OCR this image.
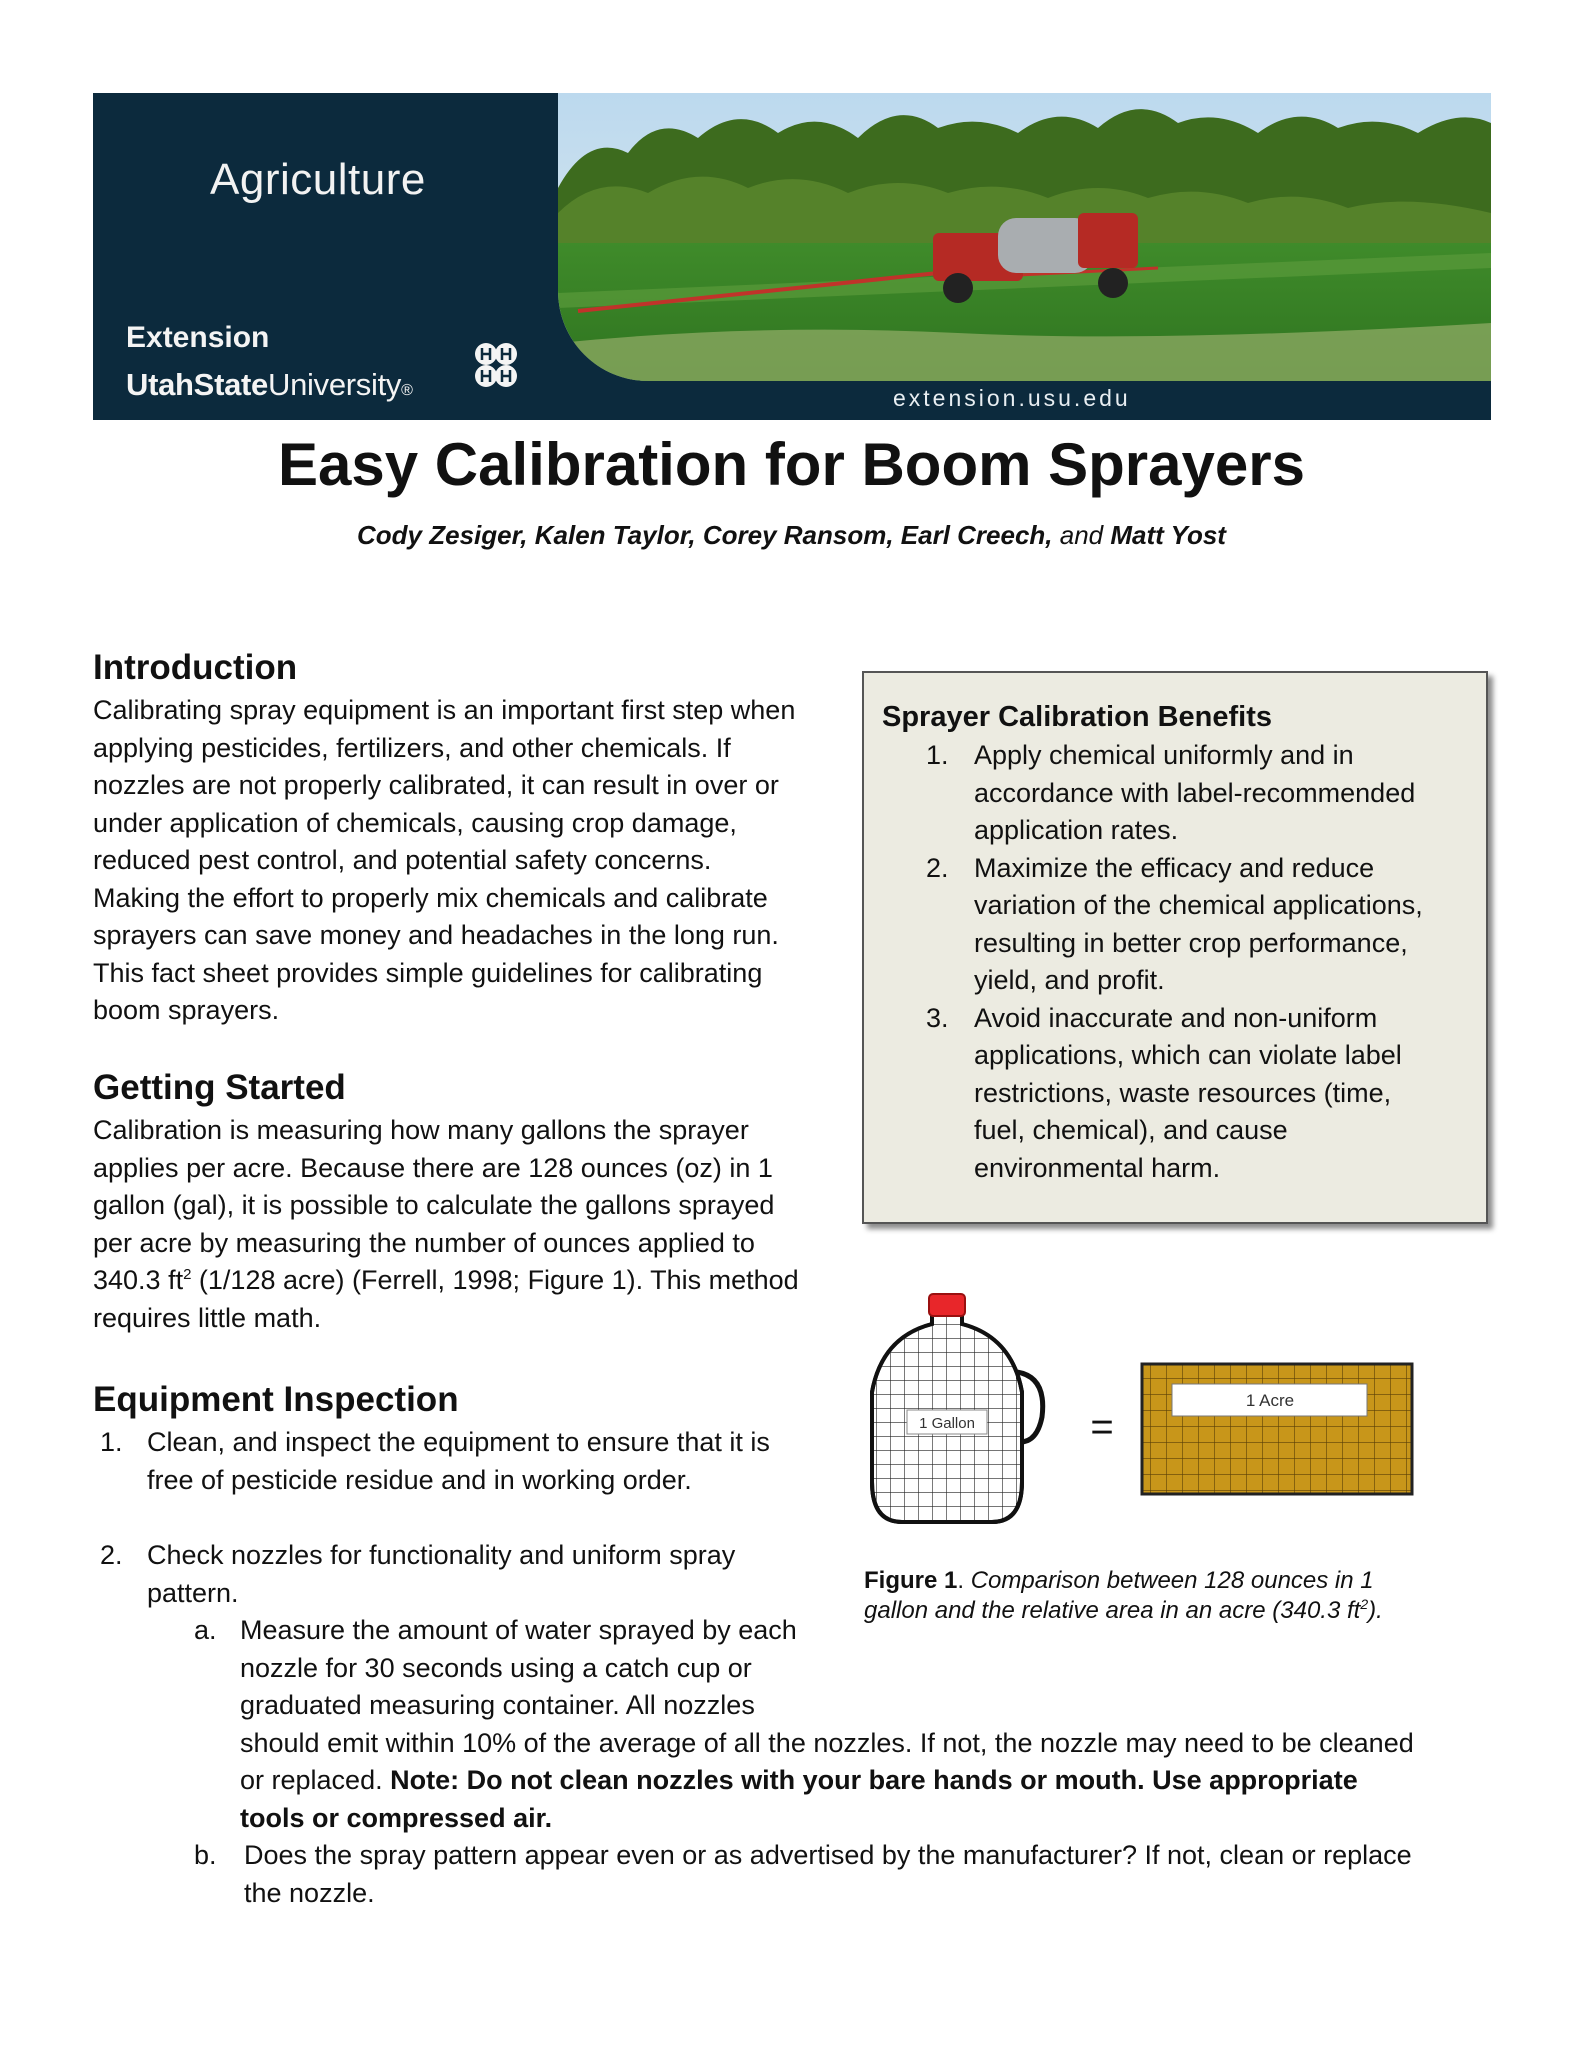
Agriculture
Extension
UtahStateUniversity®	extension.usu.edu
Easy Calibration for Boom Sprayers
Cody Zesiger, Kalen Taylor, Corey Ransom, Earl Creech, and Matt Yost
Introduction

Calibrating spray equipment is an important first step when

applying pesticides, fertilizers, and other chemicals. If

nozzles are not properly calibrated, it can result in over or

under application of chemicals, causing crop damage,

reduced pest control, and potential safety concerns.

Making the effort to properly mix chemicals and calibrate

sprayers can save money and headaches in the long run.

This fact sheet provides simple guidelines for calibrating

boom sprayers.

Getting Started

Calibration is measuring how many gallons the sprayer

applies per acre. Because there are 128 ounces (oz) in 1

gallon (gal), it is possible to calculate the gallons sprayed

per acre by measuring the number of ounces applied to

340.3 $ft^2$ (1/128 acre) (Ferrell, 1998; Figure 1). This method

requires little math.

Sprayer Calibration Benefits
1. Apply chemical uniformly and in
accordance with label-recommended
application rates.
2. Maximize the efficacy and reduce
variation of the chemical applications,
resulting in better crop performance,
yield, and profit.
3. Avoid inaccurate and non-uniform
applications, which can violate label
restrictions, waste resources (time,
fuel, chemical), and cause
environmental harm.
1 Gallon	=
1 Acre
Figure 1. Comparison between 128 ounces in 1
gallon and the relative area in an acre (340.3 $ft^2$).
Equipment Inspection
1. Clean, and inspect the equipment to ensure that it is
free of pesticide residue and in working order.
2. Check nozzles for functionality and uniform spray
pattern.
a. Measure the amount of water sprayed by each
nozzle for 30 seconds using a catch cup or
graduated measuring container. All nozzles
should emit within 10% of the average of all the nozzles. If not, the nozzle may need to be cleaned
or replaced. Note: Do not clean nozzles with your bare hands or mouth. Use appropriate
tools or compressed air.
b. Does the spray pattern appear even or as advertised by the manufacturer? If not, clean or replace
the nozzle.
